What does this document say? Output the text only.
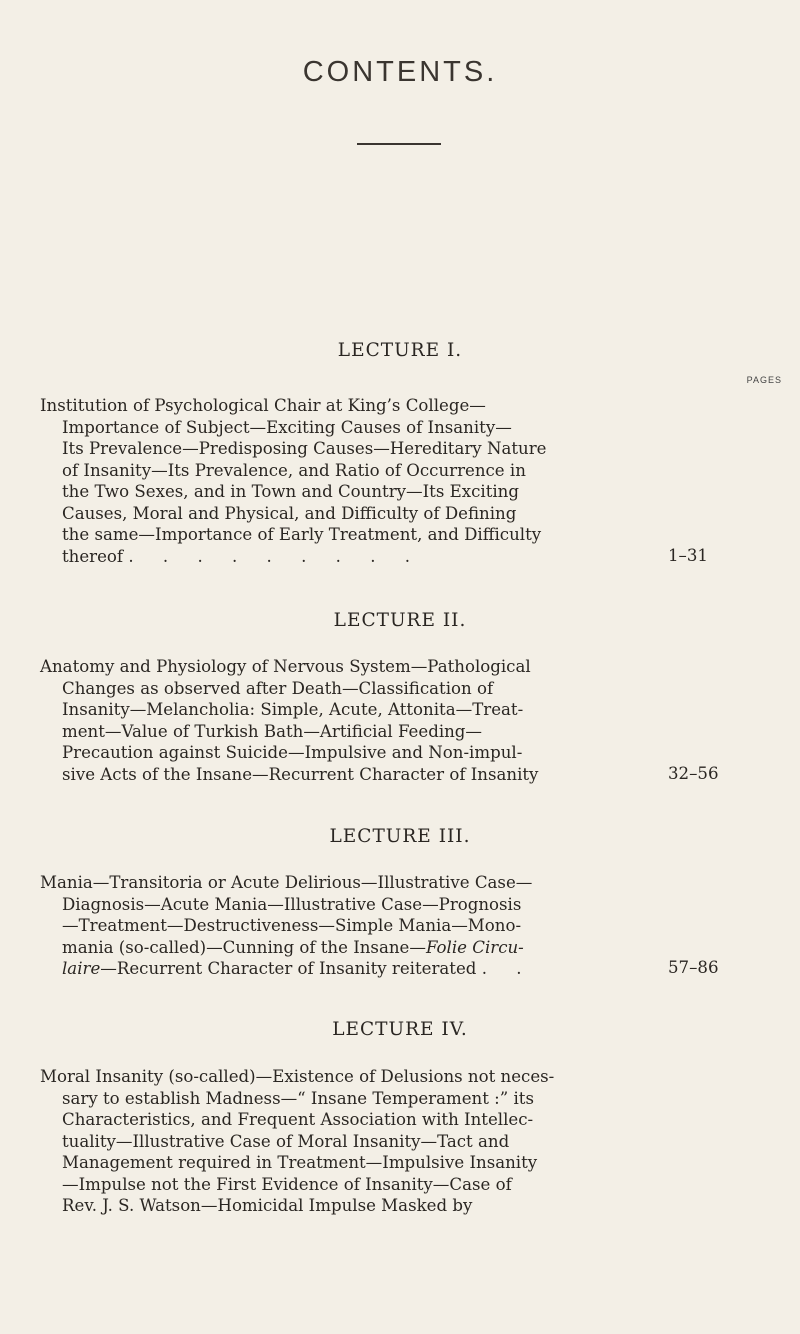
CONTENTS.
PAGES
LECTURE I.
Institution of Psychological Chair at King’s College—
Importance of Subject—Exciting Causes of Insanity—
Its Prevalence—Predisposing Causes—Hereditary Nature
of Insanity—Its Prevalence, and Ratio of Occurrence in
the Two Sexes, and in Town and Country—Its Exciting
Causes, Moral and Physical, and Difficulty of Defining
the same—Importance of Early Treatment, and Difficulty
thereof . . . . . . . . .	1–31
LECTURE II.
Anatomy and Physiology of Nervous System—Pathological
Changes as observed after Death—Classification of
Insanity—Melancholia: Simple, Acute, Attonita—Treat-
ment—Value of Turkish Bath—Artificial Feeding—
Precaution against Suicide—Impulsive and Non-impul-
sive Acts of the Insane—Recurrent Character of Insanity	32–56
LECTURE III.
Mania—Transitoria or Acute Delirious—Illustrative Case—
Diagnosis—Acute Mania—Illustrative Case—Prognosis
—Treatment—Destructiveness—Simple Mania—Mono-
mania (so-called)—Cunning of the Insane—Folie Circu-
laire—Recurrent Character of Insanity reiterated . .	57–86
LECTURE IV.
Moral Insanity (so-called)—Existence of Delusions not neces-
sary to establish Madness—“ Insane Temperament :” its
Characteristics, and Frequent Association with Intellec-
tuality—Illustrative Case of Moral Insanity—Tact and
Management required in Treatment—Impulsive Insanity
—Impulse not the First Evidence of Insanity—Case of
Rev. J. S. Watson—Homicidal Impulse Masked by
